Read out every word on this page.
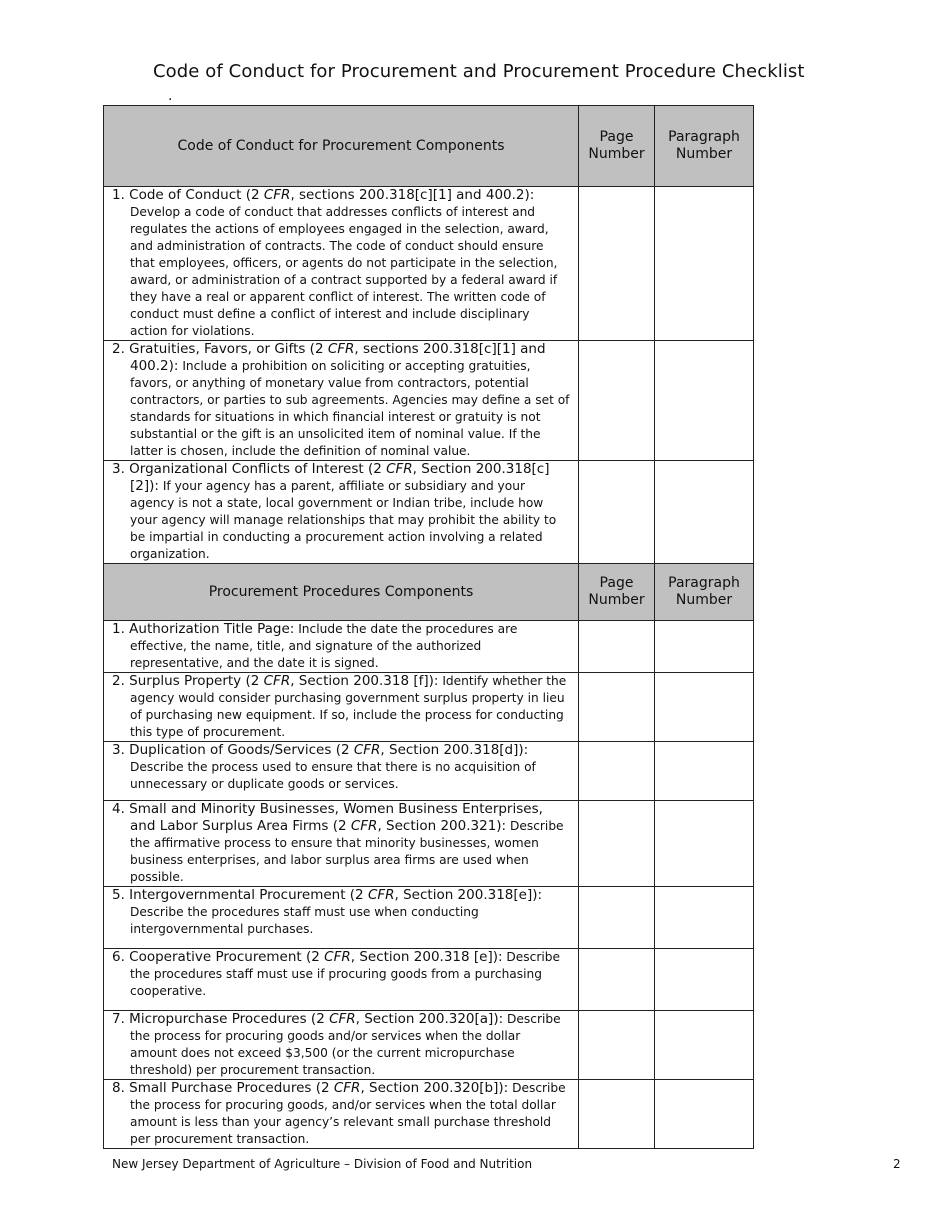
Code of Conduct for Procurement and Procurement Procedure Checklist
.
Code of Conduct for Procurement Components	Page Number	Paragraph Number

1. Code of Conduct (2 CFR, sections 200.318[c][1] and 400.2): Develop a code of conduct that addresses conflicts of interest and regulates the actions of employees engaged in the selection, award, and administration of contracts. The code of conduct should ensure that employees, officers, or agents do not participate in the selection, award, or administration of a contract supported by a federal award if they have a real or apparent conflict of interest. The written code of conduct must define a conflict of interest and include disciplinary action for violations.		

2. Gratuities, Favors, or Gifts (2 CFR, sections 200.318[c][1] and 400.2): Include a prohibition on soliciting or accepting gratuities, favors, or anything of monetary value from contractors, potential contractors, or parties to sub agreements. Agencies may define a set of standards for situations in which financial interest or gratuity is not substantial or the gift is an unsolicited item of nominal value. If the latter is chosen, include the definition of nominal value.		

3. Organizational Conflicts of Interest (2 CFR, Section 200.318[c][2]): If your agency has a parent, affiliate or subsidiary and your agency is not a state, local government or Indian tribe, include how your agency will manage relationships that may prohibit the ability to be impartial in conducting a procurement action involving a related organization.		

Procurement Procedures Components	Page Number	Paragraph Number

1. Authorization Title Page: Include the date the procedures are effective, the name, title, and signature of the authorized representative, and the date it is signed.		

2. Surplus Property (2 CFR, Section 200.318 [f]): Identify whether the agency would consider purchasing government surplus property in lieu of purchasing new equipment. If so, include the process for conducting this type of procurement.		

3. Duplication of Goods/Services (2 CFR, Section 200.318[d]): Describe the process used to ensure that there is no acquisition of unnecessary or duplicate goods or services.		

4. Small and Minority Businesses, Women Business Enterprises, and Labor Surplus Area Firms (2 CFR, Section 200.321): Describe the affirmative process to ensure that minority businesses, women business enterprises, and labor surplus area firms are used when possible.		

5. Intergovernmental Procurement (2 CFR, Section 200.318[e]): Describe the procedures staff must use when conducting intergovernmental purchases.		

6. Cooperative Procurement (2 CFR, Section 200.318 [e]): Describe the procedures staff must use if procuring goods from a purchasing cooperative.		

7. Micropurchase Procedures (2 CFR, Section 200.320[a]): Describe the process for procuring goods and/or services when the dollar amount does not exceed $3,500 (or the current micropurchase threshold) per procurement transaction.		

8. Small Purchase Procedures (2 CFR, Section 200.320[b]): Describe the process for procuring goods, and/or services when the total dollar amount is less than your agency’s relevant small purchase threshold per procurement transaction.		

New Jersey Department of Agriculture – Division of Food and Nutrition	2
